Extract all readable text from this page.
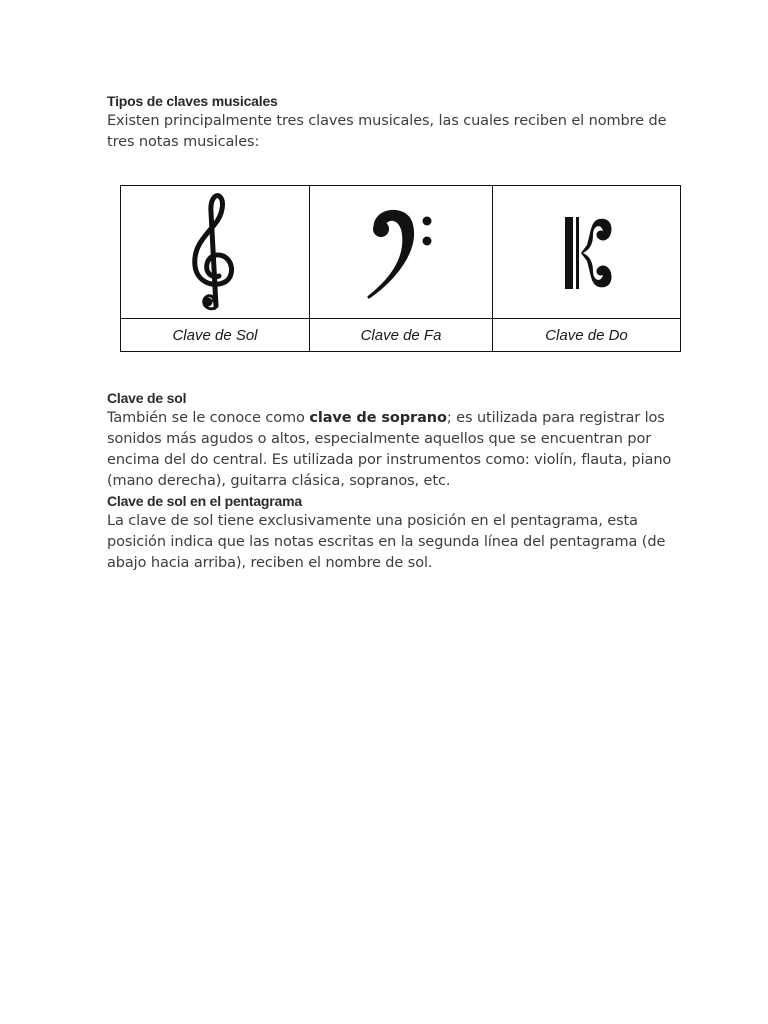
Tipos de claves musicales

Existen principalmente tres claves musicales, las cuales reciben el nombre de tres notas musicales:

Clave de Sol	Clave de Fa	Clave de Do

Clave de sol

También se le conoce como clave de soprano; es utilizada para registrar los sonidos más agudos o altos, especialmente aquellos que se encuentran por encima del do central. Es utilizada por instrumentos como: violín, flauta, piano (mano derecha), guitarra clásica, sopranos, etc.

Clave de sol en el pentagrama

La clave de sol tiene exclusivamente una posición en el pentagrama, esta posición indica que las notas escritas en la segunda línea del pentagrama (de abajo hacia arriba), reciben el nombre de sol.
